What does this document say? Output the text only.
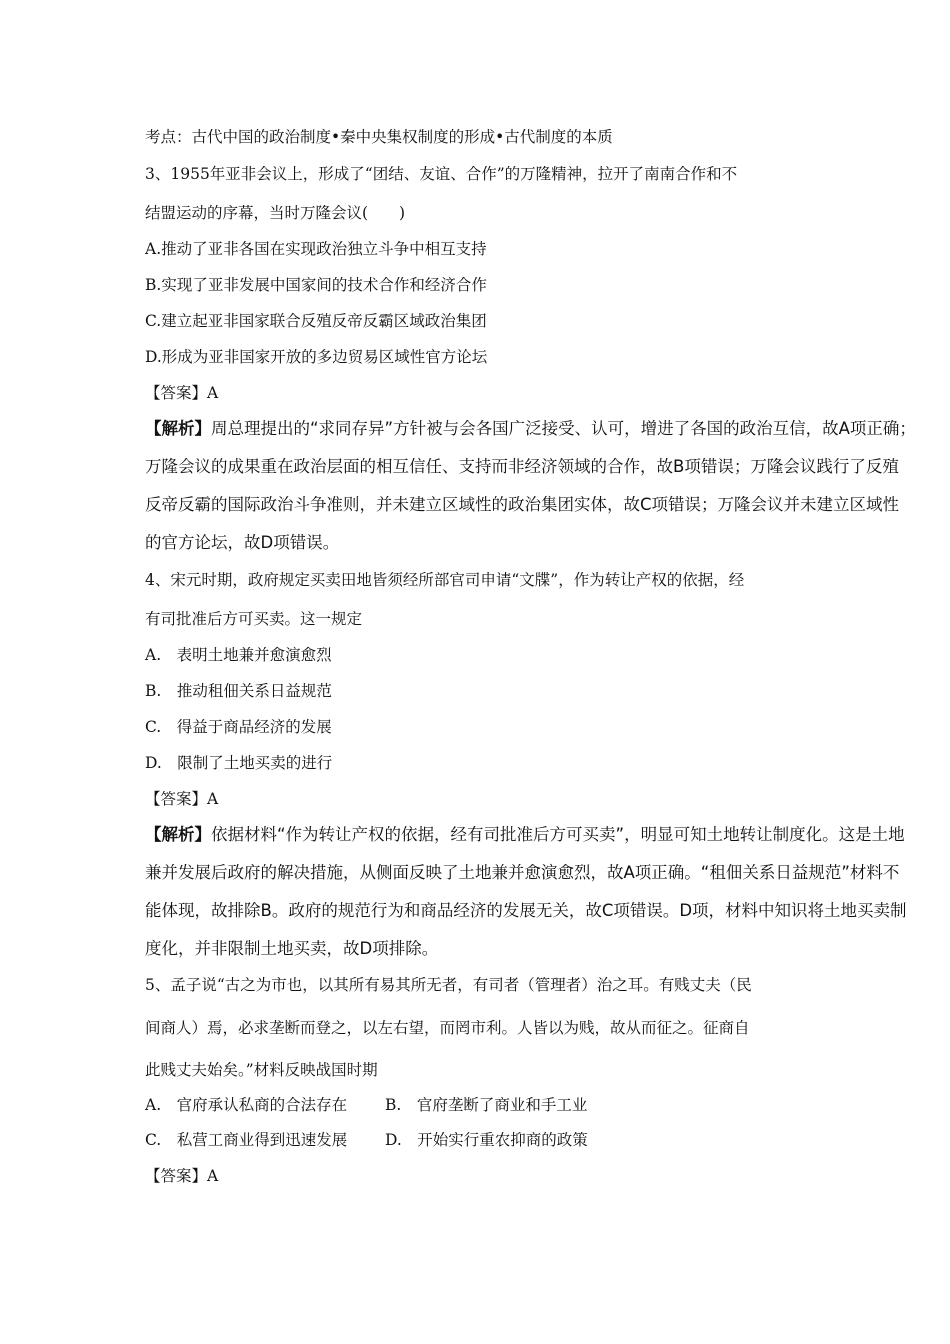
考点：古代中国的政治制度•秦中央集权制度的形成•古代制度的本质
3、1955年亚非会议上，形成了“团结、友谊、合作”的万隆精神，拉开了南南合作和不
结盟运动的序幕，当时万隆会议(　　)
A.推动了亚非各国在实现政治独立斗争中相互支持
B.实现了亚非发展中国家间的技术合作和经济合作
C.建立起亚非国家联合反殖反帝反霸区域政治集团
D.形成为亚非国家开放的多边贸易区域性官方论坛
【答案】A
【解析】周总理提出的“求同存异”方针被与会各国广泛接受、认可，增进了各国的政治互信，故A项正确；
万隆会议的成果重在政治层面的相互信任、支持而非经济领域的合作，故B项错误；万隆会议践行了反殖
反帝反霸的国际政治斗争准则，并未建立区域性的政治集团实体，故C项错误；万隆会议并未建立区域性
的官方论坛，故D项错误。
4、宋元时期，政府规定买卖田地皆须经所部官司申请“文牒”，作为转让产权的依据，经
有司批准后方可买卖。这一规定
A.　表明土地兼并愈演愈烈
B.　推动租佃关系日益规范
C.　得益于商品经济的发展
D.　限制了土地买卖的进行
【答案】A
【解析】依据材料“作为转让产权的依据，经有司批准后方可买卖”，明显可知土地转让制度化。这是土地
兼并发展后政府的解决措施，从侧面反映了土地兼并愈演愈烈，故A项正确。“租佃关系日益规范”材料不
能体现，故排除B。政府的规范行为和商品经济的发展无关，故C项错误。D项，材料中知识将土地买卖制
度化，并非限制土地买卖，故D项排除。
5、孟子说“古之为市也，以其所有易其所无者，有司者（管理者）治之耳。有贱丈夫（民
间商人）焉，必求垄断而登之，以左右望，而罔市利。人皆以为贱，故从而征之。征商自
此贱丈夫始矣。”材料反映战国时期
A.　官府承认私商的合法存在 B.　官府垄断了商业和手工业
C.　私营工商业得到迅速发展 D.　开始实行重农抑商的政策
【答案】A
